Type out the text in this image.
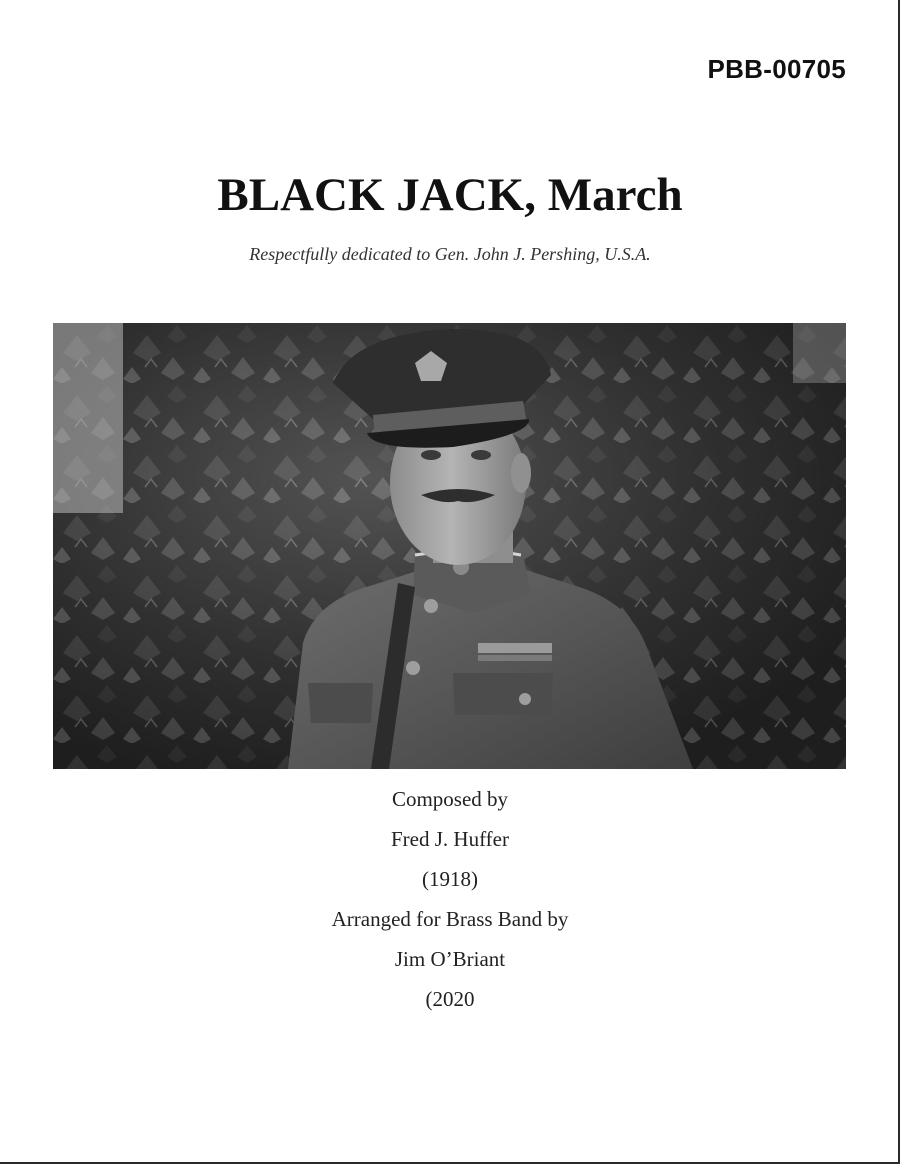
PBB-00705
BLACK JACK, March
Respectfully dedicated to Gen. John J. Pershing, U.S.A.
Composed by
Fred J. Huffer
(1918)
Arranged for Brass Band by
Jim O’Briant
(2020
